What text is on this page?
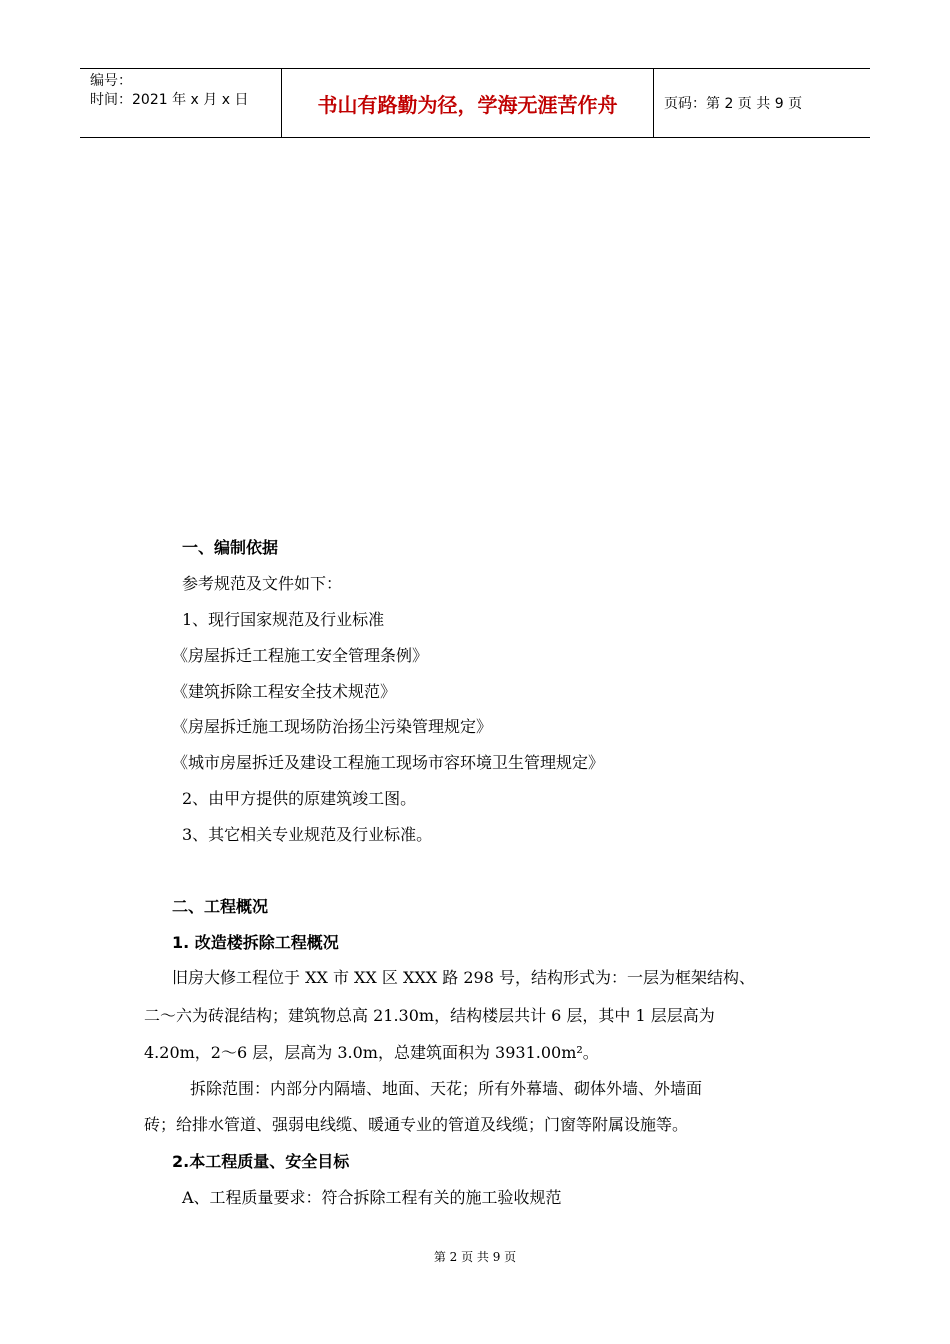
编号：
时间：2021 年 x 月 x 日	书山有路勤为径，学海无涯苦作舟	页码：第 2 页 共 9 页
一、编制依据
参考规范及文件如下：
1、现行国家规范及行业标准
《房屋拆迁工程施工安全管理条例》
《建筑拆除工程安全技术规范》
《房屋拆迁施工现场防治扬尘污染管理规定》
《城市房屋拆迁及建设工程施工现场市容环境卫生管理规定》
2、由甲方提供的原建筑竣工图。
3、其它相关专业规范及行业标准。
二、工程概况
1. 改造楼拆除工程概况
旧房大修工程位于 XX 市 XX 区 XXX 路 298 号，结构形式为：一层为框架结构、
二～六为砖混结构；建筑物总高 21.30m，结构楼层共计 6 层，其中 1 层层高为
4.20m，2～6 层，层高为 3.0m，总建筑面积为 3931.00m²。
拆除范围：内部分内隔墙、地面、天花；所有外幕墙、砌体外墙、外墙面
砖；给排水管道、强弱电线缆、暖通专业的管道及线缆；门窗等附属设施等。
2.本工程质量、安全目标
A、工程质量要求：符合拆除工程有关的施工验收规范
第 2 页 共 9 页
